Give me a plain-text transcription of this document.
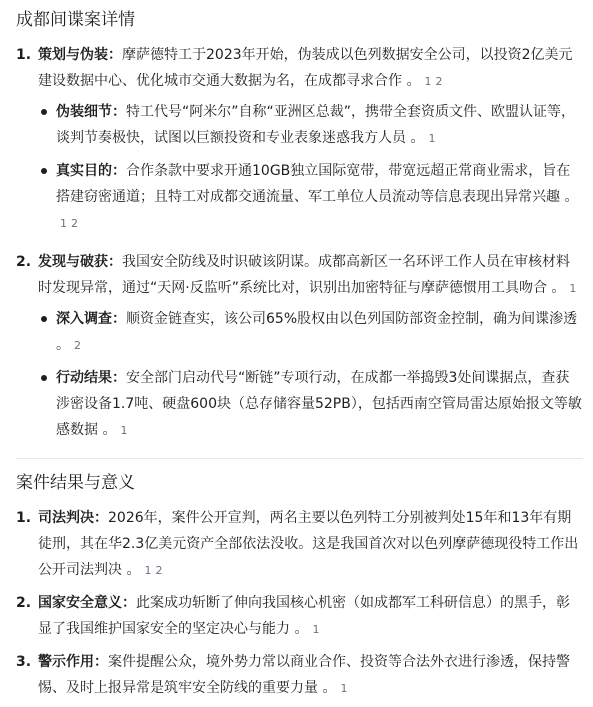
成都间谍案详情
1. 策划与伪装：摩萨德特工于2023年开始，伪装成以色列数据安全公司，以投资2亿美元建设数据中心、优化城市交通大数据为名，在成都寻求合作 。 1 2
伪装细节：特工代号“阿米尔”自称“亚洲区总裁”，携带全套资质文件、欧盟认证等，谈判节奏极快，试图以巨额投资和专业表象迷惑我方人员 。 1
真实目的：合作条款中要求开通10GB独立国际宽带，带宽远超正常商业需求，旨在搭建窃密通道；且特工对成都交通流量、军工单位人员流动等信息表现出异常兴趣 。1 2
2. 发现与破获：我国安全防线及时识破该阴谋。成都高新区一名环评工作人员在审核材料时发现异常，通过“天网·反监听”系统比对，识别出加密特征与摩萨德惯用工具吻合 。 1
深入调查：顺资金链查实，该公司65%股权由以色列国防部资金控制，确为间谍渗透 。 2
行动结果：安全部门启动代号“断链”专项行动，在成都一举捣毁3处间谍据点，查获涉密设备1.7吨、硬盘600块（总存储容量52PB），包括西南空管局雷达原始报文等敏感数据 。 1
案件结果与意义
1. 司法判决：2026年，案件公开宣判，两名主要以色列特工分别被判处15年和13年有期徒刑，其在华2.3亿美元资产全部依法没收。这是我国首次对以色列摩萨德现役特工作出公开司法判决 。 1 2
2. 国家安全意义：此案成功斩断了伸向我国核心机密（如成都军工科研信息）的黑手，彰显了我国维护国家安全的坚定决心与能力 。 1
3. 警示作用：案件提醒公众，境外势力常以商业合作、投资等合法外衣进行渗透，保持警惕、及时上报异常是筑牢安全防线的重要力量 。 1
